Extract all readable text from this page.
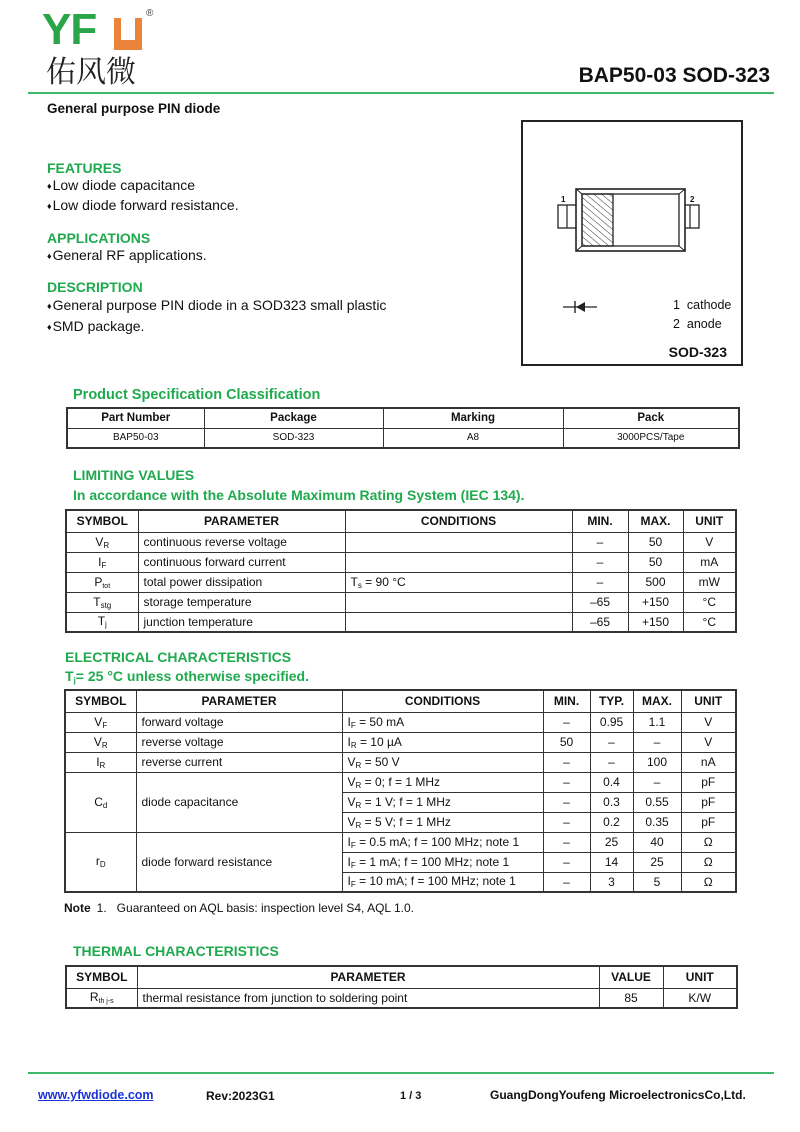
YF	®
佑风微	BAP50-03 SOD-323
General purpose PIN diode
FEATURES
♦Low diode capacitance
♦Low diode forward resistance.
APPLICATIONS
♦General RF applications.
DESCRIPTION
♦General purpose PIN diode in a SOD323 small plastic
♦SMD package.
1	2
1  cathode
2  anode
SOD-323
Product Specification Classification
Part Number	Package	Marking	Pack
BAP50-03	SOD-323	A8	3000PCS/Tape
LIMITING VALUES
In accordance with the Absolute Maximum Rating System (IEC 134).
SYMBOL	PARAMETER	CONDITIONS	MIN.	MAX.	UNIT
$V_R$	continuous reverse voltage		–	50	V
$I_F$	continuous forward current		–	50	mA
$P_{tot}$	total power dissipation	$T_s = 90$ °C	–	500	mW
$T_{stg}$	storage temperature		–65	+150	°C
$T_j$	junction temperature		–65	+150	°C
ELECTRICAL CHARACTERISTICS
$T_j= 25$ °C unless otherwise specified.
SYMBOL	PARAMETER	CONDITIONS	MIN.	TYP.	MAX.	UNIT
$V_F$	forward voltage	$I_F = 50$ mA	–	0.95	1.1	V
$V_R$	reverse voltage	$I_R = 10$ µA	50	–	–	V
$I_R$	reverse current	$V_R = 50$ V	–	–	100	nA
$C_d$	diode capacitance	$V_R = 0$; f = 1 MHz	–	0.4	–	pF
		$V_R = 1$ V; f = 1 MHz	–	0.3	0.55	pF
		$V_R = 5$ V; f = 1 MHz	–	0.2	0.35	pF
$r_D$	diode forward resistance	$I_F = 0.5$ mA; f = 100 MHz; note 1	–	25	40	Ω
		$I_F = 1$ mA; f = 100 MHz; note 1	–	14	25	Ω
		$I_F = 10$ mA; f = 100 MHz; note 1	–	3	5	Ω
Note 1.   Guaranteed on AQL basis: inspection level S4, AQL 1.0.
THERMAL CHARACTERISTICS
SYMBOL	PARAMETER	VALUE	UNIT
$R_{th j-s}$	thermal resistance from junction to soldering point	85	K/W
www.yfwdiode.com	Rev:2023G1	1 / 3	GuangDongYoufeng MicroelectronicsCo,Ltd.
